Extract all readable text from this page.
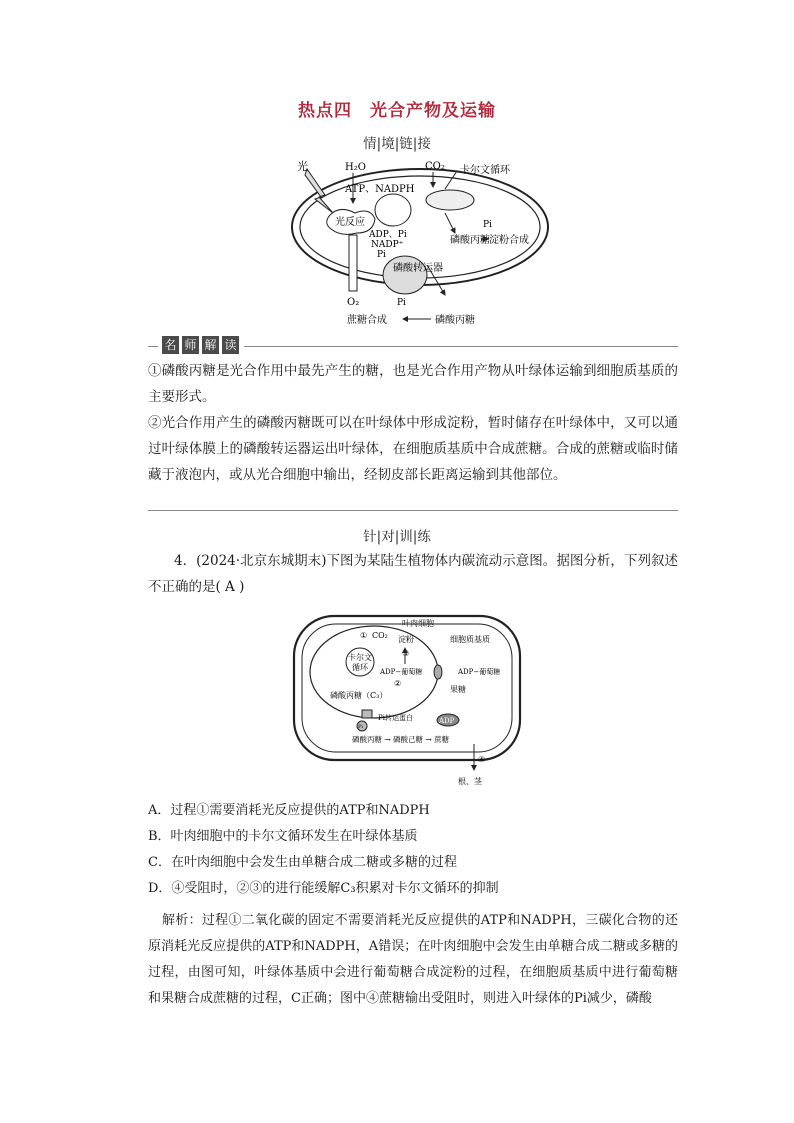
热点四　光合产物及运输
情|境|链|接
光	H₂O	CO₂ 卡尔文循环
光反应
ATP、NADPH
ADP、Pi
NADP⁺
Pi
磷酸丙糖
Pi
淀粉合成
O₂
磷酸转运器
Pi
蔗糖合成	磷酸丙糖
名 师 解 读
①磷酸丙糖是光合作用中最先产生的糖，也是光合作用产物从叶绿体运输到细胞质基质的主要形式。
②光合作用产生的磷酸丙糖既可以在叶绿体中形成淀粉，暂时储存在叶绿体中，又可以通过叶绿体膜上的磷酸转运器运出叶绿体，在细胞质基质中合成蔗糖。合成的蔗糖或临时储藏于液泡内，或从光合细胞中输出，经韧皮部长距离运输到其他部位。
针|对|训|练
4．(2024·北京东城期末)下图为某陆生植物体内碳流动示意图。据图分析，下列叙述不正确的是( A )
叶肉细胞
① CO₂
卡尔文
循环
淀粉
③
细胞质基质
ADP−葡萄糖	ADP−葡萄糖
②
磷酸丙糖（C₃）
果糖
Pi转运蛋白
Pi
ADP
磷酸丙糖 → 磷酸己糖 → 蔗糖
④
根、茎
A．过程①需要消耗光反应提供的ATP和NADPH
B．叶肉细胞中的卡尔文循环发生在叶绿体基质
C．在叶肉细胞中会发生由单糖合成二糖或多糖的过程
D．④受阻时，②③的进行能缓解C₃积累对卡尔文循环的抑制
解析：过程①二氧化碳的固定不需要消耗光反应提供的ATP和NADPH，三碳化合物的还原消耗光反应提供的ATP和NADPH，A错误；在叶肉细胞中会发生由单糖合成二糖或多糖的过程，由图可知，叶绿体基质中会进行葡萄糖合成淀粉的过程，在细胞质基质中进行葡萄糖和果糖合成蔗糖的过程，C正确；图中④蔗糖输出受阻时，则进入叶绿体的Pi减少，磷酸
